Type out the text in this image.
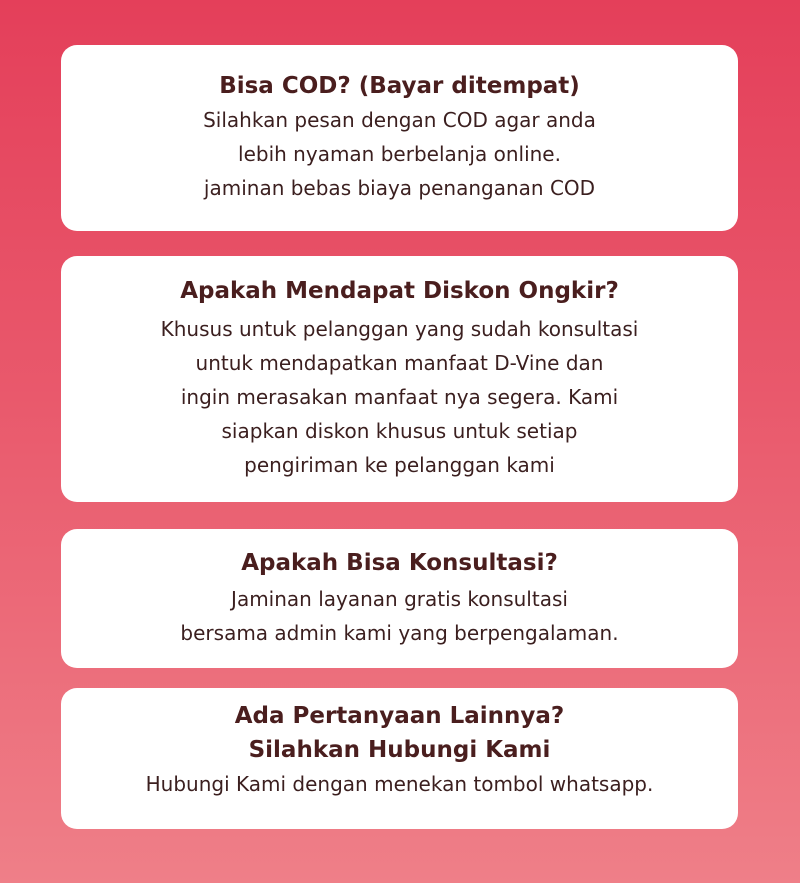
Bisa COD? (Bayar ditempat)

Silahkan pesan dengan COD agar anda
lebih nyaman berbelanja online.
jaminan bebas biaya penanganan COD

Apakah Mendapat Diskon Ongkir?

Khusus untuk pelanggan yang sudah konsultasi
untuk mendapatkan manfaat D-Vine dan
ingin merasakan manfaat nya segera. Kami
siapkan diskon khusus untuk setiap
pengiriman ke pelanggan kami

Apakah Bisa Konsultasi?

Jaminan layanan gratis konsultasi
bersama admin kami yang berpengalaman.

Ada Pertanyaan Lainnya?
Silahkan Hubungi Kami

Hubungi Kami dengan menekan tombol whatsapp.
